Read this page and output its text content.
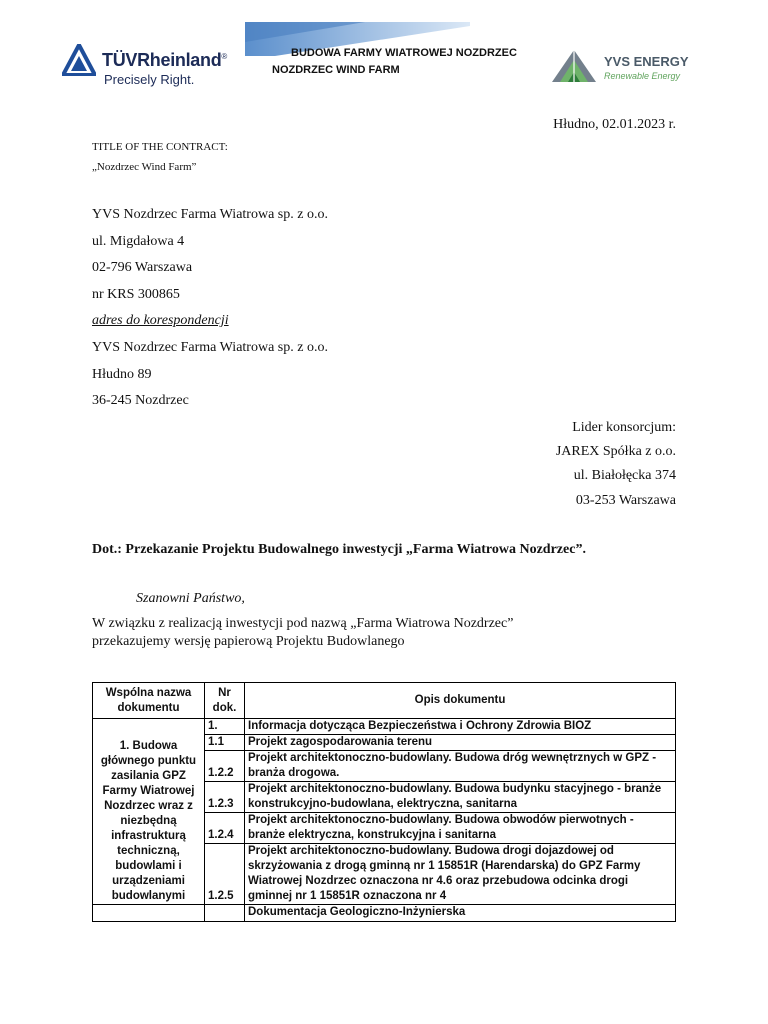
TÜVRheinland®
Precisely Right.
BUDOWA FARMY WIATROWEJ NOZDRZEC
NOZDRZEC WIND FARM
YVS ENERGY
Renewable Energy
Hłudno, 02.01.2023 r.
TITLE OF THE CONTRACT:
„Nozdrzec Wind Farm”
YVS Nozdrzec Farma Wiatrowa sp. z o.o.
ul. Migdałowa 4
02-796 Warszawa
nr KRS 300865
adres do korespondencji
YVS Nozdrzec Farma Wiatrowa sp. z o.o.
Hłudno 89
36-245 Nozdrzec
Lider konsorcjum:
JAREX Spółka z o.o.
ul. Białołęcka 374
03-253 Warszawa
Dot.: Przekazanie Projektu Budowalnego inwestycji „Farma Wiatrowa Nozdrzec”.
Szanowni Państwo,
W związku z realizacją inwestycji pod nazwą „Farma Wiatrowa Nozdrzec”
przekazujemy wersję papierową Projektu Budowlanego
Wspólna nazwa dokumentu	Nr dok.	Opis dokumentu
1. Budowa głównego punktu zasilania GPZ Farmy Wiatrowej Nozdrzec wraz z niezbędną infrastrukturą techniczną, budowlami i urządzeniami budowlanymi	1.	Informacja dotycząca Bezpieczeństwa i Ochrony Zdrowia BIOZ
	1.1	Projekt zagospodarowania terenu
	1.2.2	Projekt architektonoczno-budowlany. Budowa dróg wewnętrznych w GPZ - branża drogowa.
	1.2.3	Projekt architektonoczno-budowlany. Budowa budynku stacyjnego - branże konstrukcyjno-budowlana, elektryczna, sanitarna
	1.2.4	Projekt architektonoczno-budowlany. Budowa obwodów pierwotnych - branże elektryczna, konstrukcyjna i sanitarna
	1.2.5	Projekt architektonoczno-budowlany. Budowa drogi dojazdowej od skrzyżowania z drogą gminną nr 1 15851R (Harendarska) do GPZ Farmy Wiatrowej Nozdrzec oznaczona nr 4.6 oraz przebudowa odcinka drogi gminnej nr 1 15851R oznaczona nr 4
		Dokumentacja Geologiczno-Inżynierska
